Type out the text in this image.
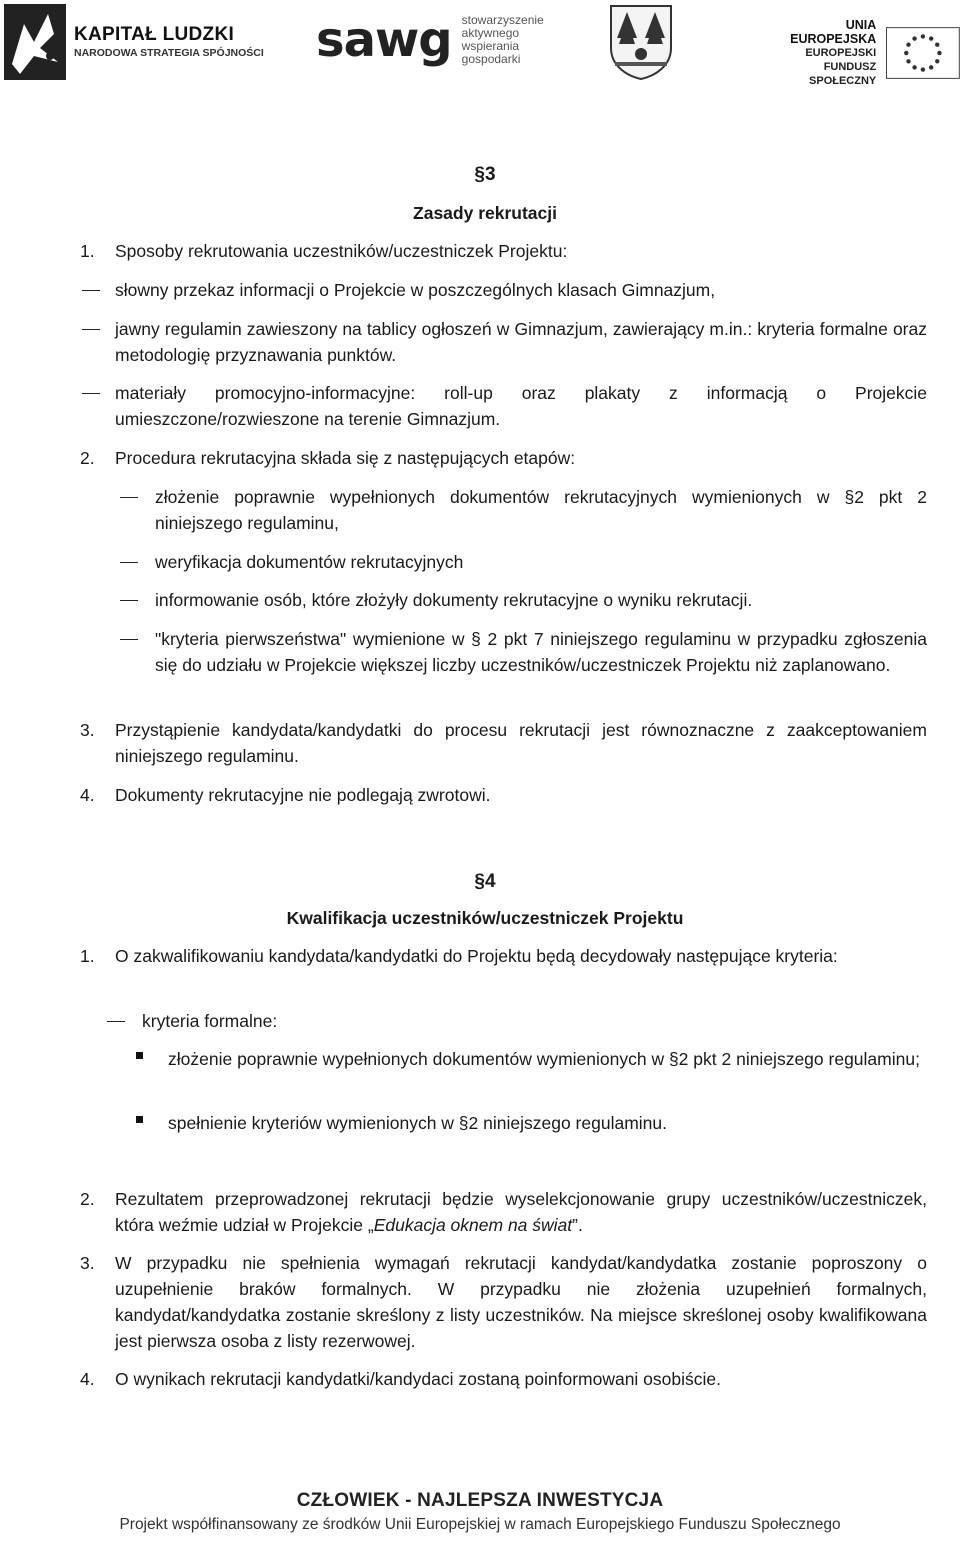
KAPITAŁ LUDZKI
NARODOWA STRATEGIA SPÓJNOŚCI sawg stowarzyszenie
aktywnego
wspierania
gospodarki
UNIA EUROPEJSKA
EUROPEJSKI
FUNDUSZ SPOŁECZNY
§3
Zasady rekrutacji
1. Sposoby rekrutowania uczestników/uczestniczek Projektu:
słowny przekaz informacji o Projekcie w poszczególnych klasach Gimnazjum,
jawny regulamin zawieszony na tablicy ogłoszeń w Gimnazjum, zawierający m.in.: kryteria formalne oraz metodologię przyznawania punktów.
materiały promocyjno-informacyjne: roll-up oraz plakaty z informacją o Projekcie umieszczone/rozwieszone na terenie Gimnazjum.
2. Procedura rekrutacyjna składa się z następujących etapów:
złożenie poprawnie wypełnionych dokumentów rekrutacyjnych wymienionych w §2 pkt 2 niniejszego regulaminu,
weryfikacja dokumentów rekrutacyjnych
informowanie osób, które złożyły dokumenty rekrutacyjne o wyniku rekrutacji.
"kryteria pierwszeństwa" wymienione w § 2 pkt 7 niniejszego regulaminu w przypadku zgłoszenia się do udziału w Projekcie większej liczby uczestników/uczestniczek Projektu niż zaplanowano.
3. Przystąpienie kandydata/kandydatki do procesu rekrutacji jest równoznaczne z zaakceptowaniem niniejszego regulaminu.
4. Dokumenty rekrutacyjne nie podlegają zwrotowi.
§4
Kwalifikacja uczestników/uczestniczek Projektu
1. O zakwalifikowaniu kandydata/kandydatki do Projektu będą decydowały następujące kryteria:
kryteria formalne:
złożenie poprawnie wypełnionych dokumentów wymienionych w §2 pkt 2 niniejszego regulaminu;
spełnienie kryteriów wymienionych w §2 niniejszego regulaminu.
2. Rezultatem przeprowadzonej rekrutacji będzie wyselekcjonowanie grupy uczestników/uczestniczek, która weźmie udział w Projekcie „Edukacja oknem na świat”.
3. W przypadku nie spełnienia wymagań rekrutacji kandydat/kandydatka zostanie poproszony o uzupełnienie braków formalnych. W przypadku nie złożenia uzupełnień formalnych, kandydat/kandydatka zostanie skreślony z listy uczestników. Na miejsce skreślonej osoby kwalifikowana jest pierwsza osoba z listy rezerwowej.
4. O wynikach rekrutacji kandydatki/kandydaci zostaną poinformowani osobiście.
CZŁOWIEK - NAJLEPSZA INWESTYCJA
Projekt współfinansowany ze środków Unii Europejskiej w ramach Europejskiego Funduszu Społecznego
